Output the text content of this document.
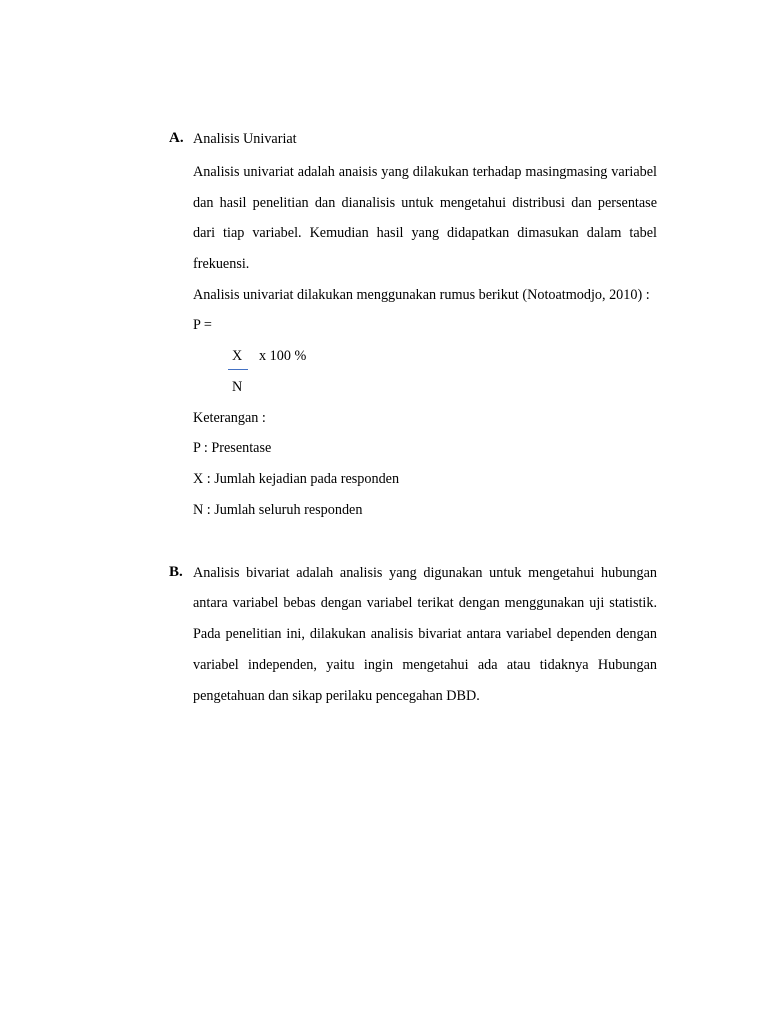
A. Analisis Univariat
Analisis univariat adalah anaisis yang dilakukan terhadap masingmasing variabel
dan hasil penelitian dan dianalisis untuk mengetahui distribusi dan persentase
dari tiap variabel. Kemudian hasil yang didapatkan dimasukan dalam tabel
frekuensi.
Analisis univariat dilakukan menggunakan rumus berikut (Notoatmodjo, 2010) :
P =
X x 100 %
N
Keterangan :
P : Presentase
X : Jumlah kejadian pada responden
N : Jumlah seluruh responden
B. Analisis bivariat adalah analisis yang digunakan untuk mengetahui hubungan
antara variabel bebas dengan variabel terikat dengan menggunakan uji statistik.
Pada penelitian ini, dilakukan analisis bivariat antara variabel dependen dengan
variabel independen, yaitu ingin mengetahui ada atau tidaknya Hubungan
pengetahuan dan sikap perilaku pencegahan DBD.
